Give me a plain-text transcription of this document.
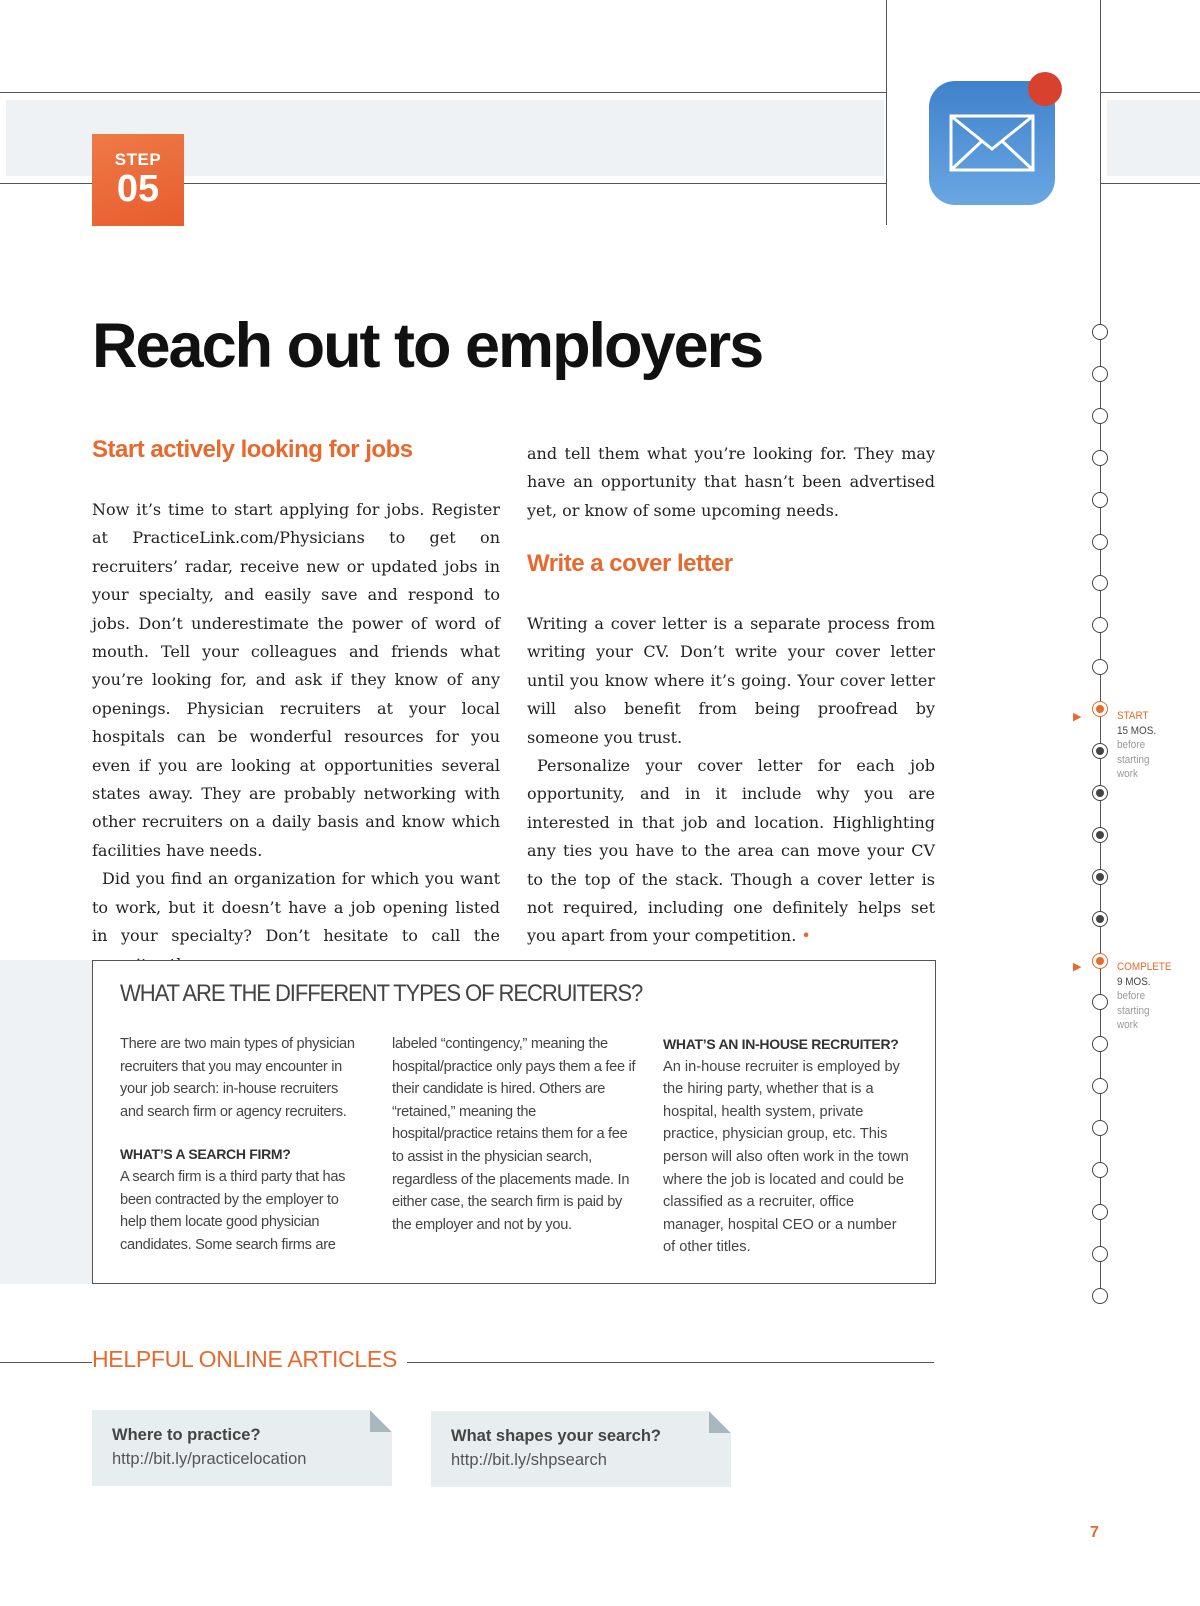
STEP
05
Reach out to employers
Start actively looking for jobs

Now it’s time to start applying for jobs. Register at PracticeLink.com/Physicians to get on recruiters’ radar, receive new or updated jobs in your specialty, and easily save and respond to jobs. Don’t underestimate the power of word of mouth. Tell your colleagues and friends what you’re looking for, and ask if they know of any openings. Physician recruiters at your local hospitals can be wonderful resources for you even if you are looking at opportunities several states away. They are probably networking with other recruiters on a daily basis and know which facilities have needs.

Did you find an organization for which you want to work, but it doesn’t have a job opening listed in your specialty? Don’t hesitate to call the

and tell them what you’re looking for. They may have an opportunity that hasn’t been advertised yet, or know of some upcoming needs.

Write a cover letter

Writing a cover letter is a separate process from writing your CV. Don’t write your cover letter until you know where it’s going. Your cover letter will also benefit from being proofread by someone you trust.

Personalize your cover letter for each job opportunity, and in it include why you are interested in that job and location. Highlighting any ties you have to the area can move your CV to the top of the stack. Though a cover letter is not required, including one definitely helps set you apart from your competition. •

WHAT ARE THE DIFFERENT TYPES OF RECRUITERS?

There are two main types of physician recruiters that you may encounter in your job search: in-house recruiters and search firm or agency recruiters.

WHAT’S A SEARCH FIRM?

A search firm is a third party that has been contracted by the employer to help them locate good physician candidates. Some search firms are

labeled “contingency,” meaning the hospital/practice only pays them a fee if their candidate is hired. Others are “retained,” meaning the hospital/practice retains them for a fee to assist in the physician search, regardless of the placements made. In either case, the search firm is paid by the employer and not by you.

WHAT’S AN IN-HOUSE RECRUITER?

An in-house recruiter is employed by the hiring party, whether that is a hospital, health system, private practice, physician group, etc. This person will also often work in the town where the job is located and could be classified as a recruiter, office manager, hospital CEO or a number of other titles.

HELPFUL ONLINE ARTICLES
Where to practice?
http://bit.ly/practicelocation
What shapes your search?
http://bit.ly/shpsearch
7
▶	START
15 MOS.
before
starting
work
▶	COMPLETE
9 MOS.
before
starting
work
